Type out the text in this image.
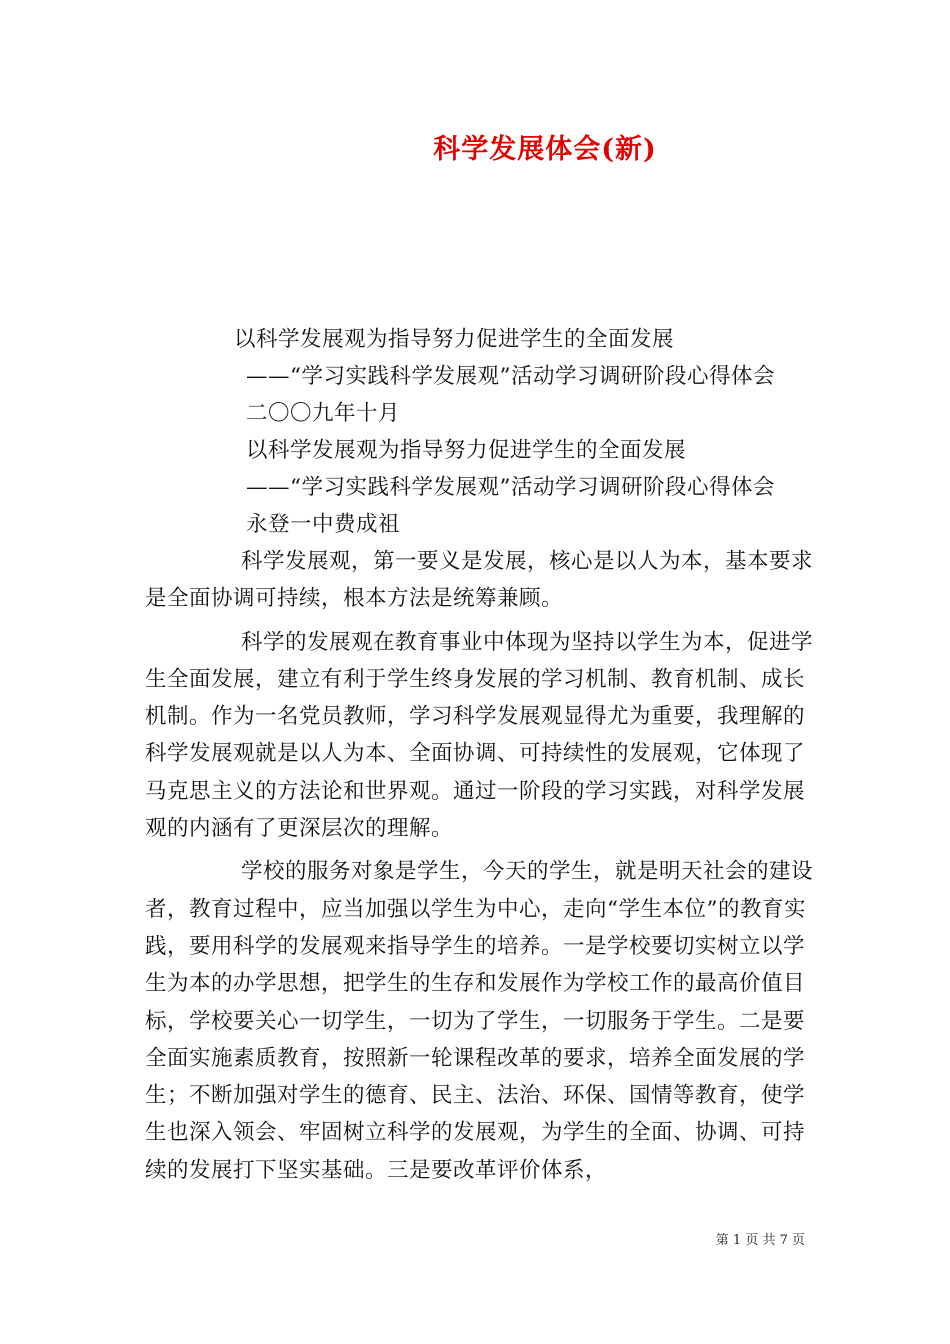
科学发展体会(新)
以科学发展观为指导努力促进学生的全面发展
——“学习实践科学发展观”活动学习调研阶段心得体会
二〇〇九年十月
以科学发展观为指导努力促进学生的全面发展
——“学习实践科学发展观”活动学习调研阶段心得体会
永登一中费成祖

科学发展观，第一要义是发展，核心是以人为本，基本要求是全面协调可持续，根本方法是统筹兼顾。

科学的发展观在教育事业中体现为坚持以学生为本，促进学生全面发展，建立有利于学生终身发展的学习机制、教育机制、成长机制。作为一名党员教师，学习科学发展观显得尤为重要，我理解的科学发展观就是以人为本、全面协调、可持续性的发展观，它体现了马克思主义的方法论和世界观。通过一阶段的学习实践，对科学发展观的内涵有了更深层次的理解。

学校的服务对象是学生，今天的学生，就是明天社会的建设者，教育过程中，应当加强以学生为中心，走向“学生本位”的教育实践，要用科学的发展观来指导学生的培养。一是学校要切实树立以学生为本的办学思想，把学生的生存和发展作为学校工作的最高价值目标，学校要关心一切学生，一切为了学生，一切服务于学生。二是要全面实施素质教育，按照新一轮课程改革的要求，培养全面发展的学生；不断加强对学生的德育、民主、法治、环保、国情等教育，使学生也深入领会、牢固树立科学的发展观，为学生的全面、协调、可持续的发展打下坚实基础。三是要改革评价体系，

第 1 页 共 7 页
